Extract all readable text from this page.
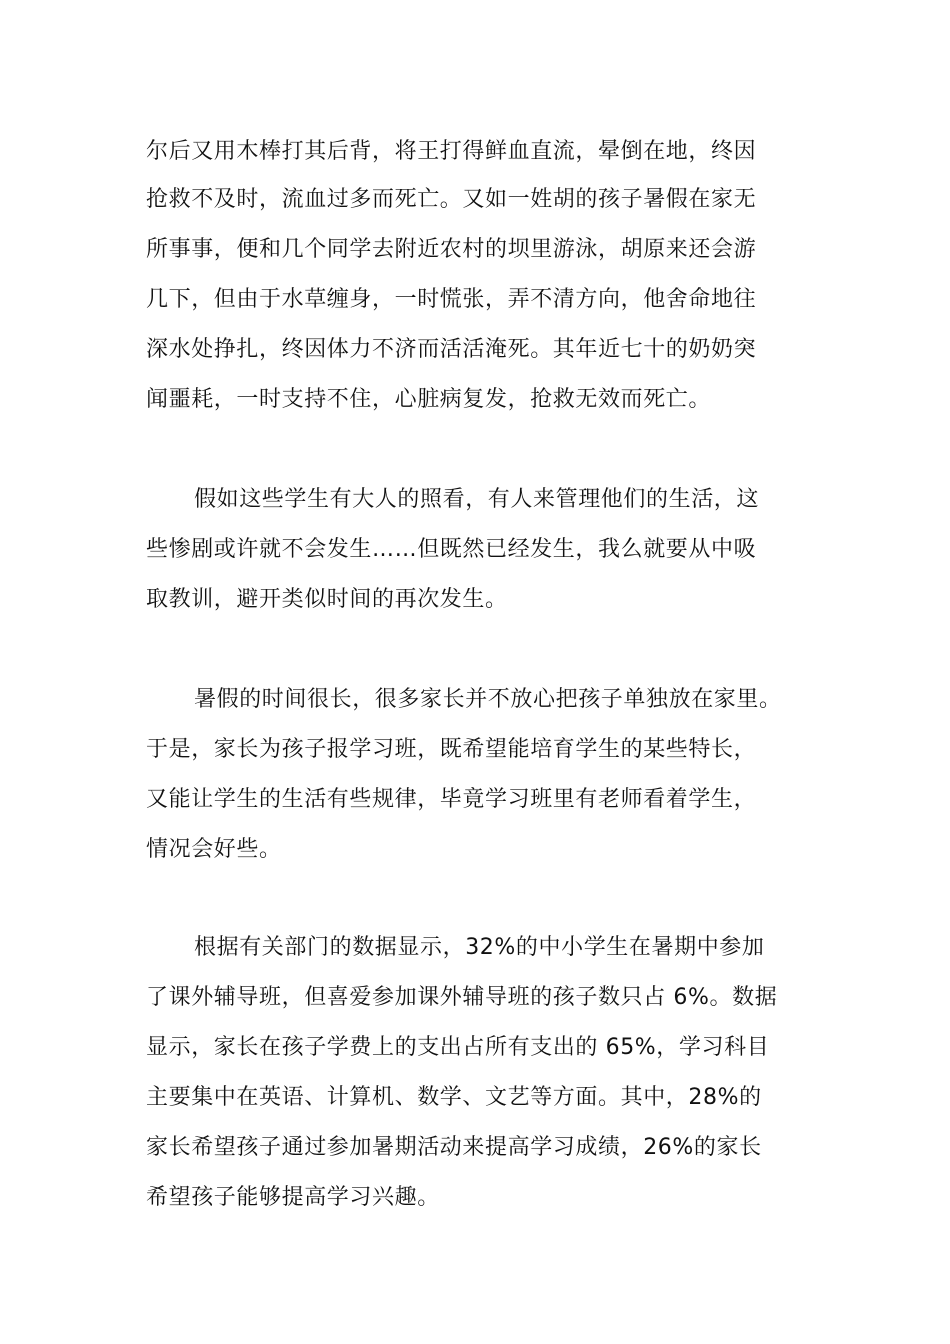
尔后又用木棒打其后背，将王打得鲜血直流，晕倒在地，终因
抢救不及时，流血过多而死亡。又如一姓胡的孩子暑假在家无
所事事，便和几个同学去附近农村的坝里游泳，胡原来还会游
几下，但由于水草缠身，一时慌张，弄不清方向，他舍命地往
深水处挣扎，终因体力不济而活活淹死。其年近七十的奶奶突
闻噩耗，一时支持不住，心脏病复发，抢救无效而死亡。
假如这些学生有大人的照看，有人来管理他们的生活，这
些惨剧或许就不会发生……但既然已经发生，我么就要从中吸
取教训，避开类似时间的再次发生。
暑假的时间很长，很多家长并不放心把孩子单独放在家里。
于是，家长为孩子报学习班，既希望能培育学生的某些特长，
又能让学生的生活有些规律，毕竟学习班里有老师看着学生，
情况会好些。
根据有关部门的数据显示，32%的中小学生在暑期中参加
了课外辅导班，但喜爱参加课外辅导班的孩子数只占 6%。数据
显示，家长在孩子学费上的支出占所有支出的 65%，学习科目
主要集中在英语、计算机、数学、文艺等方面。其中，28%的
家长希望孩子通过参加暑期活动来提高学习成绩，26%的家长
希望孩子能够提高学习兴趣。
